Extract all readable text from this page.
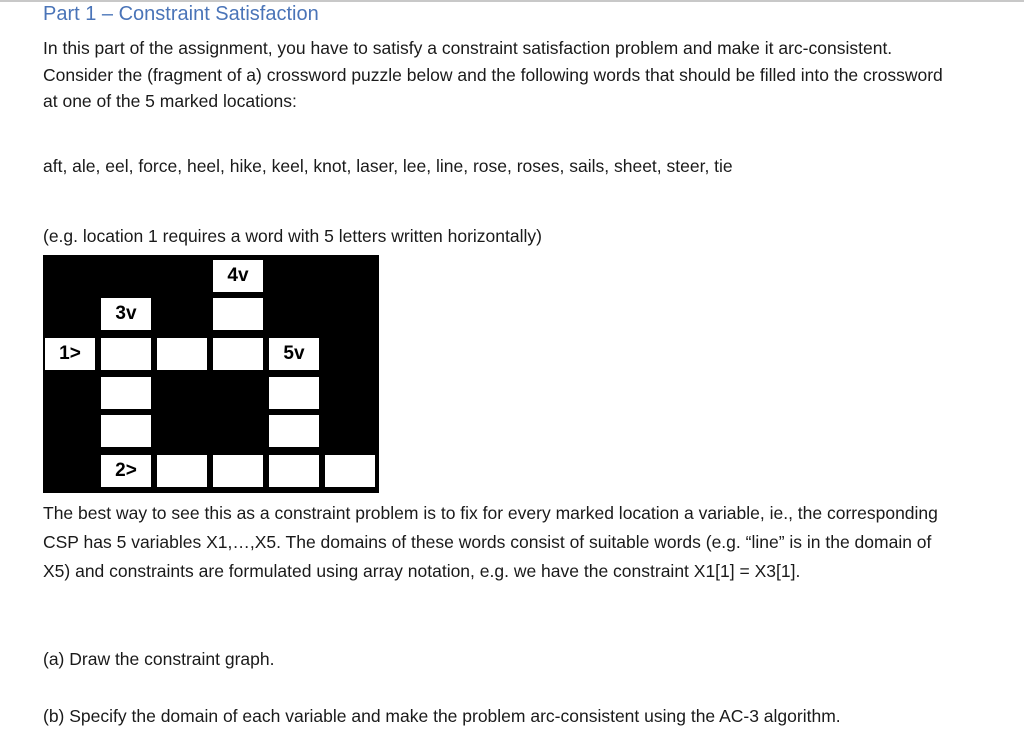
Part 1 – Constraint Satisfaction

In this part of the assignment, you have to satisfy a constraint satisfaction problem and make it arc-consistent. Consider the (fragment of a) crossword puzzle below and the following words that should be filled into the crossword at one of the 5 marked locations:

aft, ale, eel, force, heel, hike, keel, knot, laser, lee, line, rose, roses, sails, sheet, steer, tie
(e.g. location 1 requires a word with 5 letters written horizontally)
4v
3v
1>	5v
2>

The best way to see this as a constraint problem is to fix for every marked location a variable, ie., the corresponding CSP has 5 variables X1,…,X5. The domains of these words consist of suitable words (e.g. “line” is in the domain of X5) and constraints are formulated using array notation, e.g. we have the constraint X1[1] = X3[1].

(a) Draw the constraint graph.
(b) Specify the domain of each variable and make the problem arc-consistent using the AC-3 algorithm.
